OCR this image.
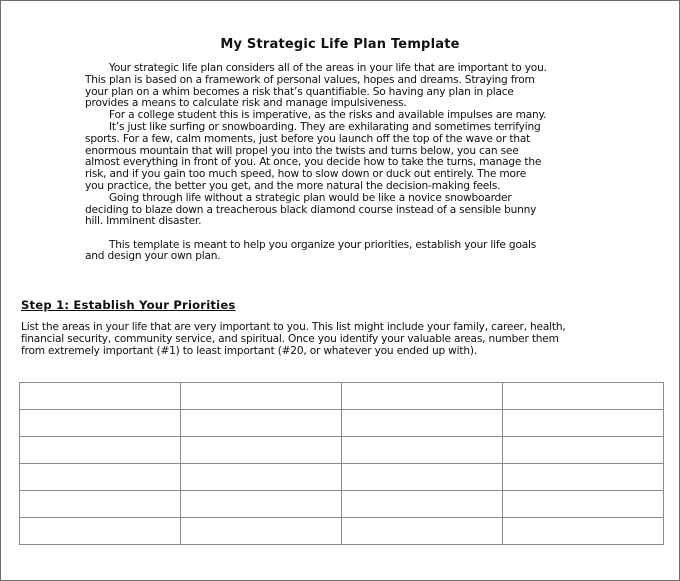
My Strategic Life Plan Template

Your strategic life plan considers all of the areas in your life that are important to you. This plan is based on a framework of personal values, hopes and dreams. Straying from your plan on a whim becomes a risk that’s quantifiable. So having any plan in place provides a means to calculate risk and manage impulsiveness.

For a college student this is imperative, as the risks and available impulses are many.

It’s just like surfing or snowboarding. They are exhilarating and sometimes terrifying sports. For a few, calm moments, just before you launch off the top of the wave or that enormous mountain that will propel you into the twists and turns below, you can see almost everything in front of you. At once, you decide how to take the turns, manage the risk, and if you gain too much speed, how to slow down or duck out entirely. The more you practice, the better you get, and the more natural the decision-making feels.

Going through life without a strategic plan would be like a novice snowboarder deciding to blaze down a treacherous black diamond course instead of a sensible bunny hill. Imminent disaster.

This template is meant to help you organize your priorities, establish your life goals and design your own plan.

Step 1: Establish Your Priorities
List the areas in your life that are very important to you. This list might include your family, career, health, financial security, community service, and spiritual. Once you identify your valuable areas, number them from extremely important (#1) to least important (#20, or whatever you ended up with).
